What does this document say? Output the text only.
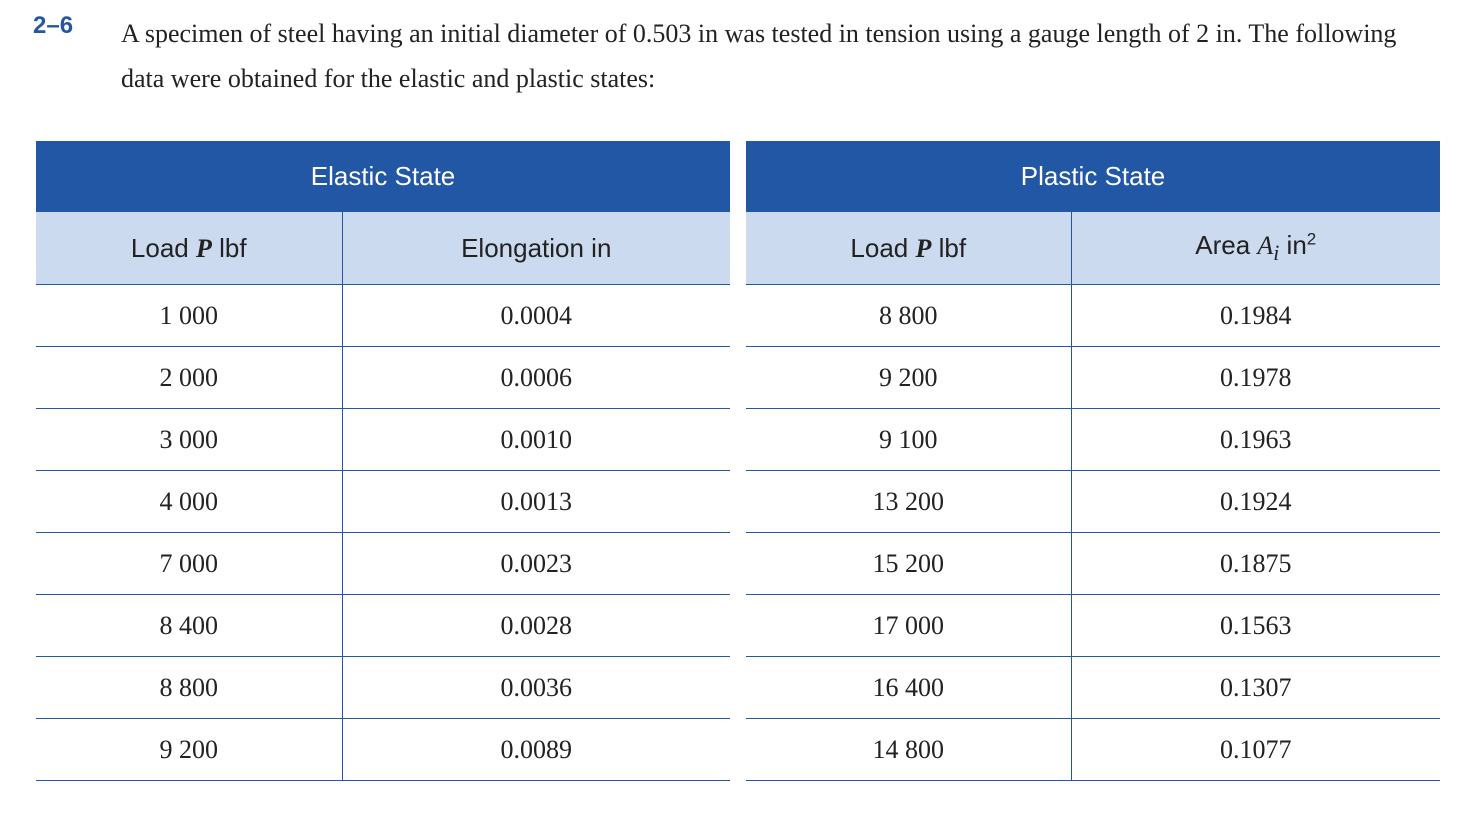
2–6 A specimen of steel having an initial diameter of 0.503 in was tested in tension using a gauge length of 2 in. The following data were obtained for the elastic and plastic states:
Elastic State	
Load P lbf	Elongation in
1 000	0.0004
2 000	0.0006
3 000	0.0010
4 000	0.0013
7 000	0.0023
8 400	0.0028
8 800	0.0036
9 200	0.0089
Plastic State	
Load P lbf	Area $A_i$ $in^2$
8 800	0.1984
9 200	0.1978
9 100	0.1963
13 200	0.1924
15 200	0.1875
17 000	0.1563
16 400	0.1307
14 800	0.1077
